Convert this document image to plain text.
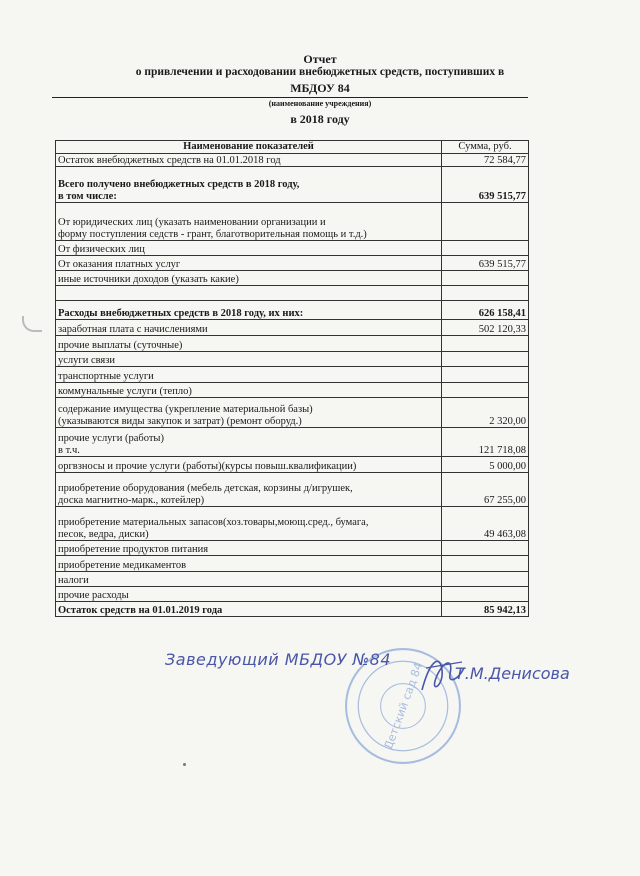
Отчет
о привлечении и расходовании внебюджетных средств, поступивших в
МБДОУ 84
(наименование учреждения)
в 2018 году
Наименование показателей	Сумма, руб.
Остаток внебюджетных средств на 01.01.2018 год	72 584,77
Всего получено внебюджетных средств в 2018 году,
в том числе:	639 515,77
От юридических лиц (указать наименовании организации и
форму поступления седств - грант, благотворительная помощь и т.д.)	
От физических лиц	
От оказания платных услуг	639 515,77
иные источники доходов (указать какие)	

Расходы внебюджетных средств в 2018 году, их них:	626 158,41
заработная плата с начислениями	502 120,33
прочие выплаты (суточные)	
услуги связи	
транспортные услуги	
коммунальные услуги (тепло)	
содержание имущества (укрепление материальной базы)
(указываются виды закупок и затрат) (ремонт оборуд.)	2 320,00
прочие услуги (работы)
в т.ч.	121 718,08
оргвзносы и прочие услуги (работы)(курсы повыш.квалификации)	5 000,00
приобретение оборудования (мебель детская, корзины д/игрушек,
доска магнитно-марк., котейлер)	67 255,00
приобретение материальных запасов(хоз.товары,моющ.сред., бумага,
песок, ведра, диски)	49 463,08
приобретение продуктов питания	
приобретение медикаментов	
налоги	
прочие расходы	
Остаток средств на 01.01.2019 года	85 942,13
Детский сад 84
Заведующий МБДОУ №84
Т.М.Денисова
